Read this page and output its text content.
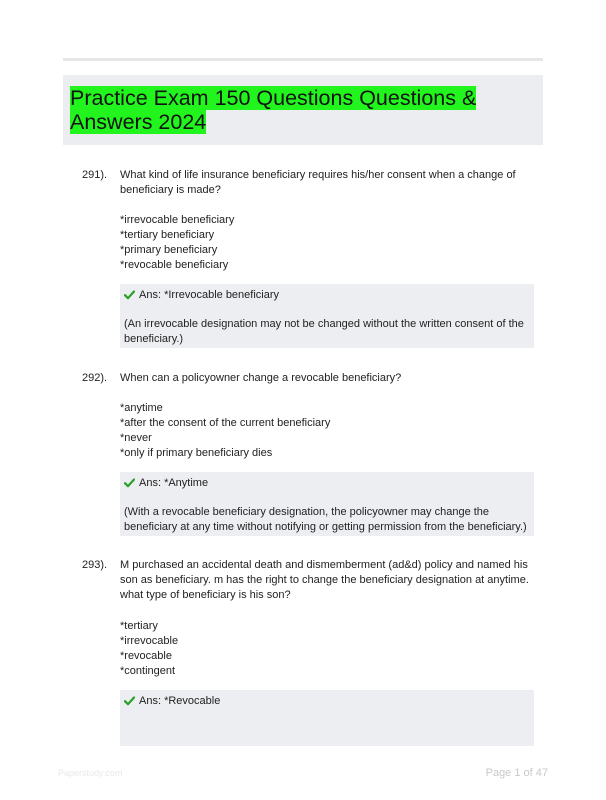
Practice Exam 150 Questions Questions & Answers 2024
291). What kind of life insurance beneficiary requires his/her consent when a change of beneficiary is made?
*irrevocable beneficiary
*tertiary beneficiary
*primary beneficiary
*revocable beneficiary
Ans: *Irrevocable beneficiary
(An irrevocable designation may not be changed without the written consent of the beneficiary.)
292). When can a policyowner change a revocable beneficiary?
*anytime
*after the consent of the current beneficiary
*never
*only if primary beneficiary dies
Ans: *Anytime
(With a revocable beneficiary designation, the policyowner may change the beneficiary at any time without notifying or getting permission from the beneficiary.)
293). M purchased an accidental death and dismemberment (ad&d) policy and named his son as beneficiary. m has the right to change the beneficiary designation at anytime. what type of beneficiary is his son?
*tertiary
*irrevocable
*revocable
*contingent
Ans: *Revocable
Paperstudy.com	Page 1 of 47
